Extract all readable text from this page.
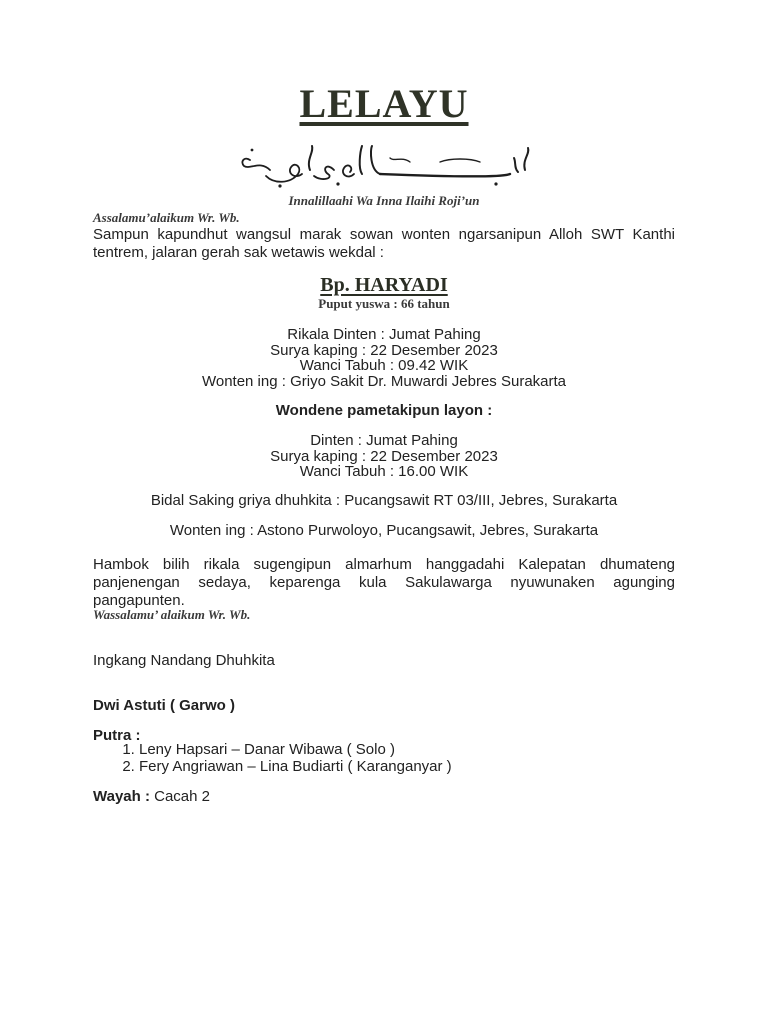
LELAYU
Innalillaahi Wa Inna Ilaihi Roji’un
Assalamu’alaikum Wr. Wb.
Sampun kapundhut wangsul marak sowan wonten ngarsanipun Alloh SWT Kanthi tentrem, jalaran gerah sak wetawis wekdal :
Bp. HARYADI
Puput yuswa : 66 tahun
Rikala Dinten : Jumat Pahing
Surya kaping : 22 Desember 2023
Wanci Tabuh : 09.42 WIK
Wonten ing : Griyo Sakit Dr. Muwardi Jebres Surakarta
Wondene pametakipun layon :
Dinten : Jumat Pahing
Surya kaping : 22 Desember 2023
Wanci Tabuh : 16.00 WIK
Bidal Saking griya dhuhkita : Pucangsawit RT 03/III, Jebres, Surakarta
Wonten ing : Astono Purwoloyo, Pucangsawit, Jebres, Surakarta
Hambok bilih rikala sugengipun almarhum hanggadahi Kalepatan dhumateng panjenengan sedaya, keparenga kula Sakulawarga nyuwunaken agunging pangapunten.
Wassalamu’ alaikum Wr. Wb.
Ingkang Nandang Dhuhkita
Dwi Astuti ( Garwo )
Putra :
1. Leny Hapsari – Danar Wibawa ( Solo )
2. Fery Angriawan – Lina Budiarti ( Karanganyar )
Wayah : Cacah 2
